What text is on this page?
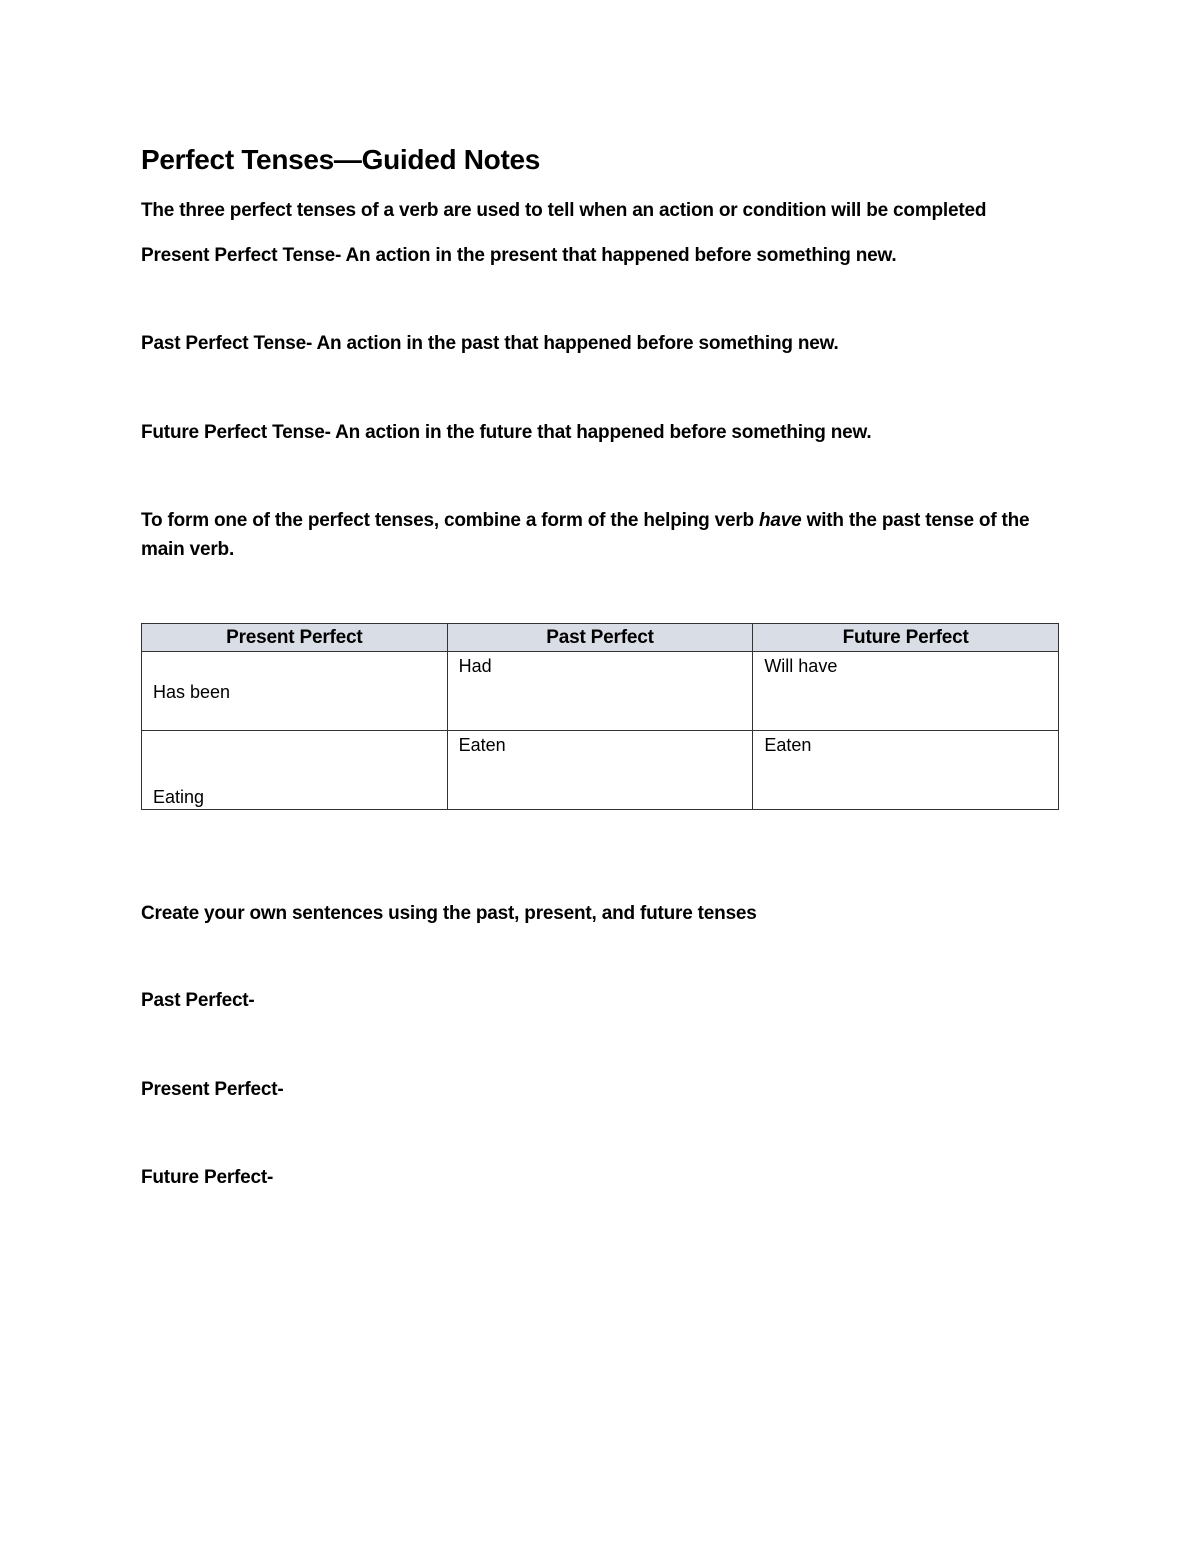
Perfect Tenses—Guided Notes
The three perfect tenses of a verb are used to tell when an action or condition will be completed
Present Perfect Tense- An action in the present that happened before something new.
Past Perfect Tense- An action in the past that happened before something new.
Future Perfect Tense- An action in the future that happened before something new.
To form one of the perfect tenses, combine a form of the helping verb have with the past tense of the main verb.
Present Perfect	Past Perfect	Future Perfect

Has been	Had	Will have

Eating	Eaten	Eaten
Create your own sentences using the past, present, and future tenses
Past Perfect-
Present Perfect-
Future Perfect-
